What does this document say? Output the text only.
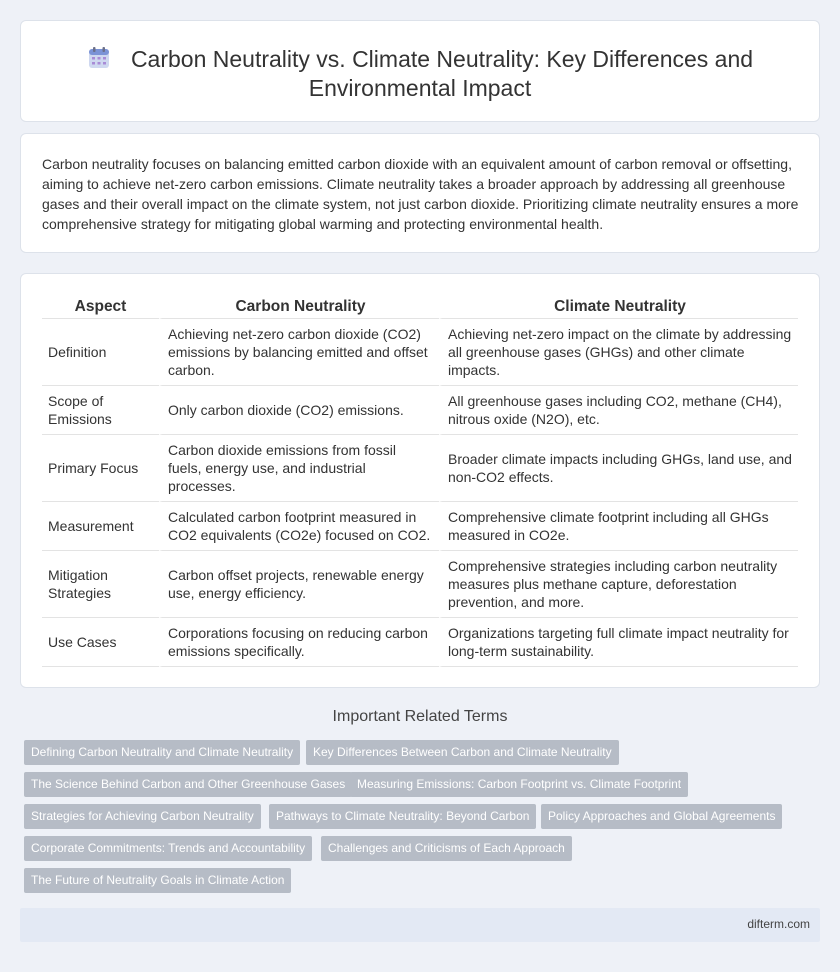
Carbon Neutrality vs. Climate Neutrality: Key Differences and
Environmental Impact

Carbon neutrality focuses on balancing emitted carbon dioxide with an equivalent amount of carbon removal or offsetting, aiming to achieve net-zero carbon emissions. Climate neutrality takes a broader approach by addressing all greenhouse gases and their overall impact on the climate system, not just carbon dioxide. Prioritizing climate neutrality ensures a more comprehensive strategy for mitigating global warming and protecting environmental health.

Aspect	Carbon Neutrality	Climate Neutrality
Definition	Achieving net-zero carbon dioxide (CO2) emissions by balancing emitted and offset carbon.	Achieving net-zero impact on the climate by addressing all greenhouse gases (GHGs) and other climate impacts.
Scope of Emissions	Only carbon dioxide (CO2) emissions.	All greenhouse gases including CO2, methane (CH4), nitrous oxide (N2O), etc.
Primary Focus	Carbon dioxide emissions from fossil fuels, energy use, and industrial processes.	Broader climate impacts including GHGs, land use, and non-CO2 effects.
Measurement	Calculated carbon footprint measured in CO2 equivalents (CO2e) focused on CO2.	Comprehensive climate footprint including all GHGs measured in CO2e.
Mitigation Strategies	Carbon offset projects, renewable energy use, energy efficiency.	Comprehensive strategies including carbon neutrality measures plus methane capture, deforestation prevention, and more.
Use Cases	Corporations focusing on reducing carbon emissions specifically.	Organizations targeting full climate impact neutrality for long-term sustainability.
Important Related Terms
Defining Carbon Neutrality and Climate Neutrality	Key Differences Between Carbon and Climate Neutrality
The Science Behind Carbon and Other Greenhouse Gases Measuring Emissions: Carbon Footprint vs. Climate Footprint
Strategies for Achieving Carbon Neutrality	Pathways to Climate Neutrality: Beyond Carbon	Policy Approaches and Global Agreements
Corporate Commitments: Trends and Accountability	Challenges and Criticisms of Each Approach
The Future of Neutrality Goals in Climate Action
difterm.com
